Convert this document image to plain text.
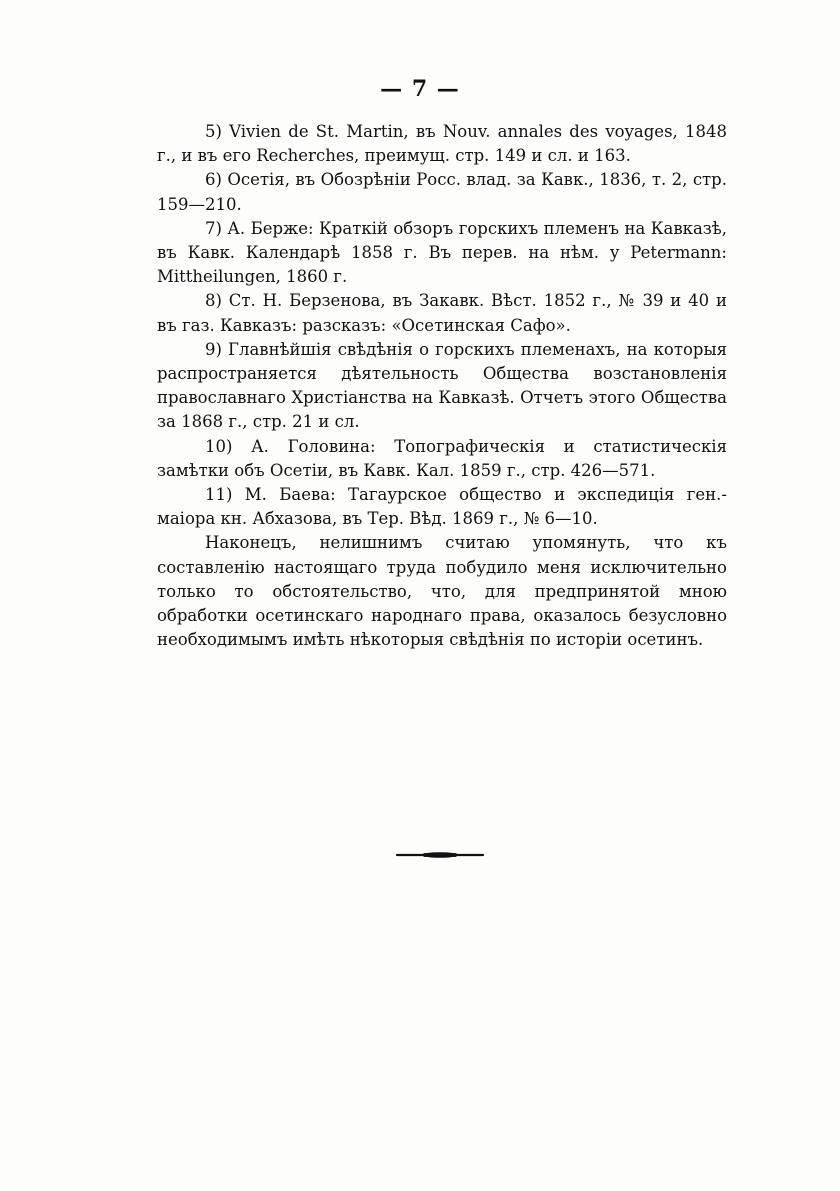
— 7 —

5) Vivien de St. Martin, въ Nouv. annales des voyages, 1848 г., и въ его Recherches, преимущ. стр. 149 и сл. и 163.

6) Осетія, въ Обозрѣніи Росс. влад. за Кавк., 1836, т. 2, стр. 159—210.

7) А. Берже: Краткій обзоръ горскихъ племенъ на Кавказѣ, въ Кавк. Календарѣ 1858 г. Въ перев. на нѣм. у Petermann: Mittheilungen, 1860 г.

8) Ст. Н. Берзенова, въ Закавк. Вѣст. 1852 г., № 39 и 40 и въ газ. Кавказъ: разсказъ: «Осетинская Сафо».

9) Главнѣйшія свѣдѣнія о горскихъ племенахъ, на которыя распространяется дѣятельность Общества возстановленія православнаго Христіанства на Кавказѣ. Отчетъ этого Общества за 1868 г., стр. 21 и сл.

10) А. Головина: Топографическія и статистическія замѣтки объ Осетіи, въ Кавк. Кал. 1859 г., стр. 426—571.

11) М. Баева: Тагаурское общество и экспедиція ген.-маіора кн. Абхазова, въ Тер. Вѣд. 1869 г., № 6—10.

Наконецъ, нелишнимъ считаю упомянуть, что къ составленію настоящаго труда побудило меня исключительно только то обстоятельство, что, для предпринятой мною обработки осетинскаго народнаго права, оказалось безусловно необходимымъ имѣть нѣкоторыя свѣдѣнія по исторіи осетинъ.
